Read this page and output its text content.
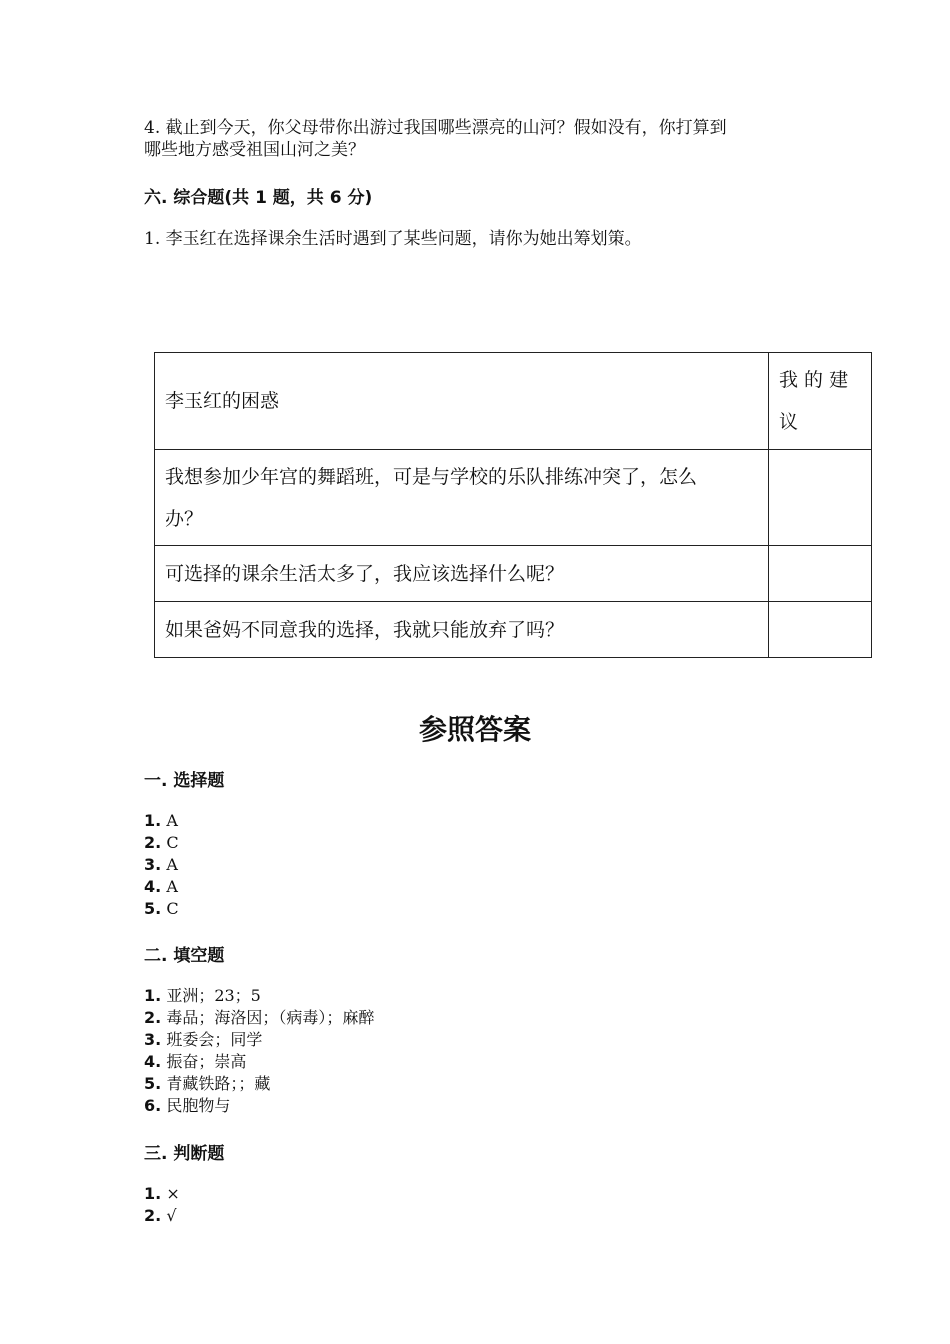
4. 截止到今天，你父母带你出游过我国哪些漂亮的山河？假如没有，你打算到
哪些地方感受祖国山河之美？
六. 综合题(共 1 题，共 6 分)
1. 李玉红在选择课余生活时遇到了某些问题，请你为她出筹划策。
李玉红的困惑	我 的 建
议

我想参加少年宫的舞蹈班，可是与学校的乐队排练冲突了，怎么
办？	

可选择的课余生活太多了，我应该选择什么呢？	
如果爸妈不同意我的选择，我就只能放弃了吗？	
参照答案
一. 选择题
1. A
2. C
3. A
4. A
5. C
二. 填空题
1. 亚洲；23；5
2. 毒品；海洛因；（病毒）；麻醉
3. 班委会；同学
4. 振奋；崇高
5. 青藏铁路；；藏
6. 民胞物与
三. 判断题
1. ×
2. √
